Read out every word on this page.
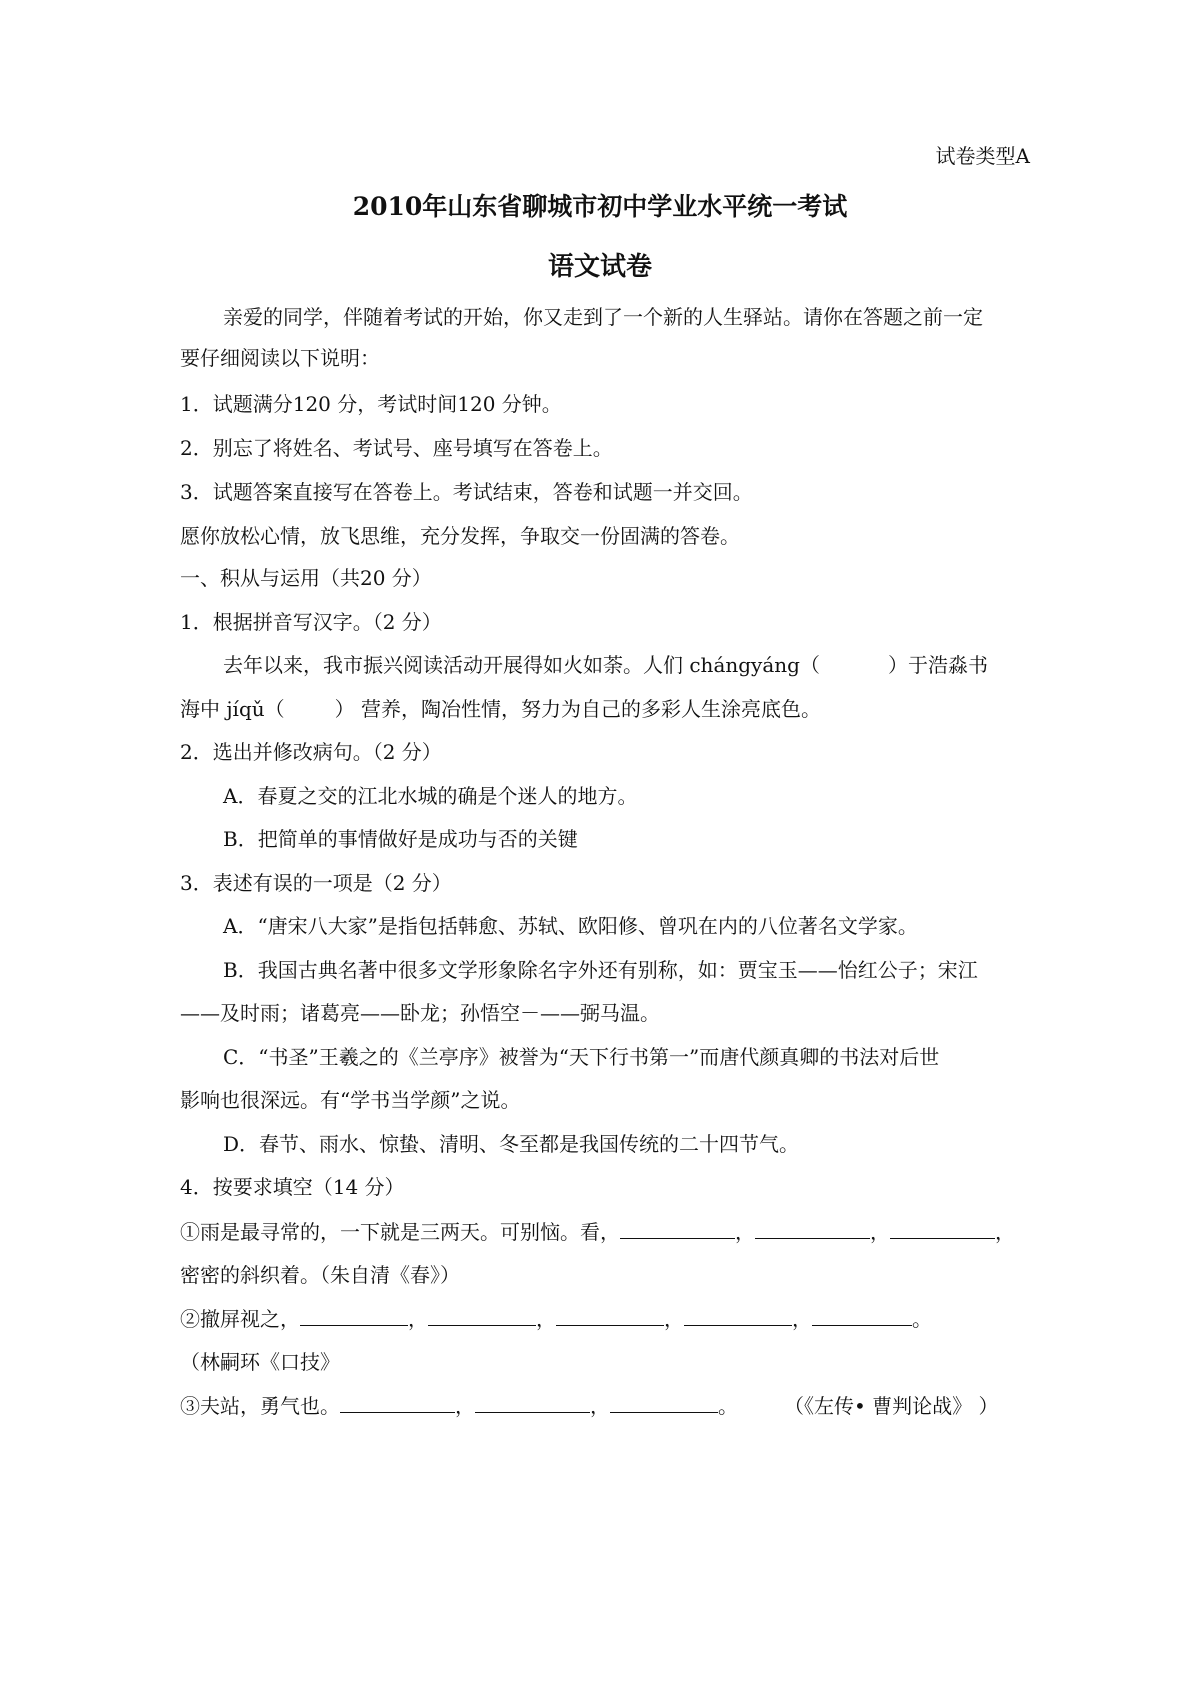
试卷类型A
2010年山东省聊城市初中学业水平统一考试
语文试卷
亲爱的同学，伴随着考试的开始，你又走到了一个新的人生驿站。请你在答题之前一定
要仔细阅读以下说明：
1．试题满分120 分，考试时间120 分钟。
2．别忘了将姓名、考试号、座号填写在答卷上。
3．试题答案直接写在答卷上。考试结束，答卷和试题一并交回。
愿你放松心情，放飞思维，充分发挥，争取交一份固满的答卷。
一、积从与运用（共20 分）
1．根据拼音写汉字。（2 分）
去年以来，我市振兴阅读活动开展得如火如荼。人们 chángyáng（	）于浩淼书
海中 jíqǔ（	） 营养，陶冶性情，努力为自己的多彩人生涂亮底色。
2．选出并修改病句。（2 分）
A．春夏之交的江北水城的确是个迷人的地方。
B．把简单的事情做好是成功与否的关键
3．表述有误的一项是（2 分）
A．“唐宋八大家”是指包括韩愈、苏轼、欧阳修、曾巩在内的八位著名文学家。
B．我国古典名著中很多文学形象除名字外还有别称，如：贾宝玉——怡红公子；宋江
——及时雨；诸葛亮——卧龙；孙悟空－——弼马温。
C．“书圣”王羲之的《兰亭序》被誉为“天下行书第一”而唐代颜真卿的书法对后世
影响也很深远。有“学书当学颜”之说。
D．春节、雨水、惊蛰、清明、冬至都是我国传统的二十四节气。
4．按要求填空（14 分）
①雨是最寻常的，一下就是三两天。可别恼。看，	，	，	，
密密的斜织着。（朱自清《春》）
②撤屏视之，	，	，	，	，	。
（林嗣环《口技》
③夫站，勇气也。	，	，	。 （《左传• 曹判论战》 ）
